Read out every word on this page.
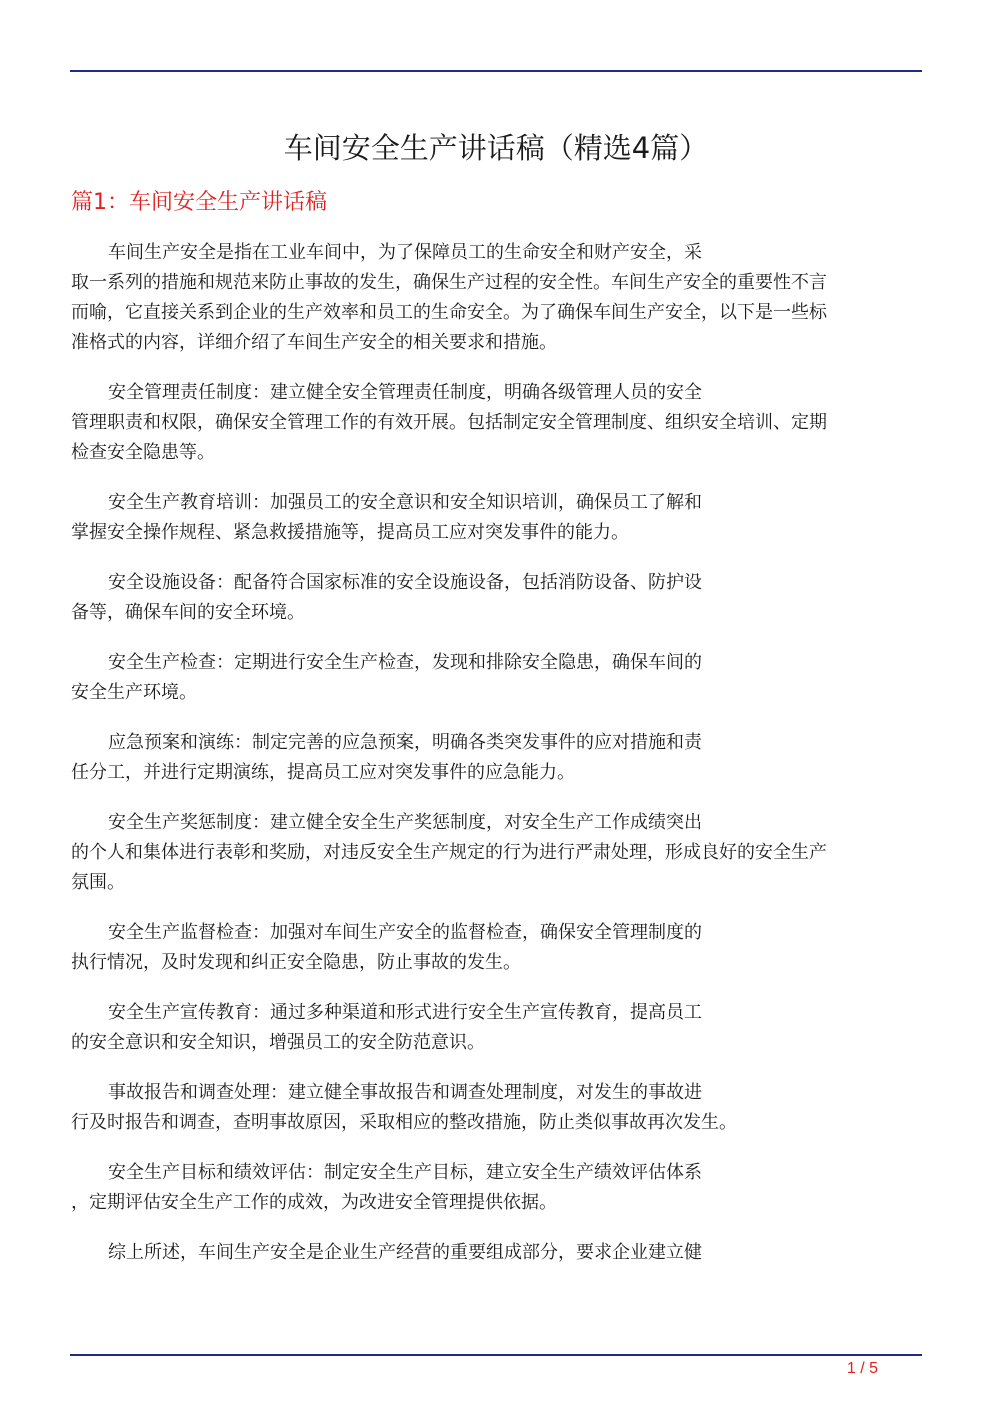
车间安全生产讲话稿（精选4篇）
篇1：车间安全生产讲话稿

车间生产安全是指在工业车间中，为了保障员工的生命安全和财产安全，采
取一系列的措施和规范来防止事故的发生，确保生产过程的安全性。车间生产安全的重要性不言
而喻，它直接关系到企业的生产效率和员工的生命安全。为了确保车间生产安全，以下是一些标
准格式的内容，详细介绍了车间生产安全的相关要求和措施。

安全管理责任制度：建立健全安全管理责任制度，明确各级管理人员的安全
管理职责和权限，确保安全管理工作的有效开展。包括制定安全管理制度、组织安全培训、定期
检查安全隐患等。

安全生产教育培训：加强员工的安全意识和安全知识培训，确保员工了解和
掌握安全操作规程、紧急救援措施等，提高员工应对突发事件的能力。

安全设施设备：配备符合国家标准的安全设施设备，包括消防设备、防护设
备等，确保车间的安全环境。

安全生产检查：定期进行安全生产检查，发现和排除安全隐患，确保车间的
安全生产环境。

应急预案和演练：制定完善的应急预案，明确各类突发事件的应对措施和责
任分工，并进行定期演练，提高员工应对突发事件的应急能力。

安全生产奖惩制度：建立健全安全生产奖惩制度，对安全生产工作成绩突出
的个人和集体进行表彰和奖励，对违反安全生产规定的行为进行严肃处理，形成良好的安全生产
氛围。

安全生产监督检查：加强对车间生产安全的监督检查，确保安全管理制度的
执行情况，及时发现和纠正安全隐患，防止事故的发生。

安全生产宣传教育：通过多种渠道和形式进行安全生产宣传教育，提高员工
的安全意识和安全知识，增强员工的安全防范意识。

事故报告和调查处理：建立健全事故报告和调查处理制度，对发生的事故进
行及时报告和调查，查明事故原因，采取相应的整改措施，防止类似事故再次发生。

安全生产目标和绩效评估：制定安全生产目标，建立安全生产绩效评估体系
，定期评估安全生产工作的成效，为改进安全管理提供依据。

综上所述，车间生产安全是企业生产经营的重要组成部分，要求企业建立健

1 / 5
